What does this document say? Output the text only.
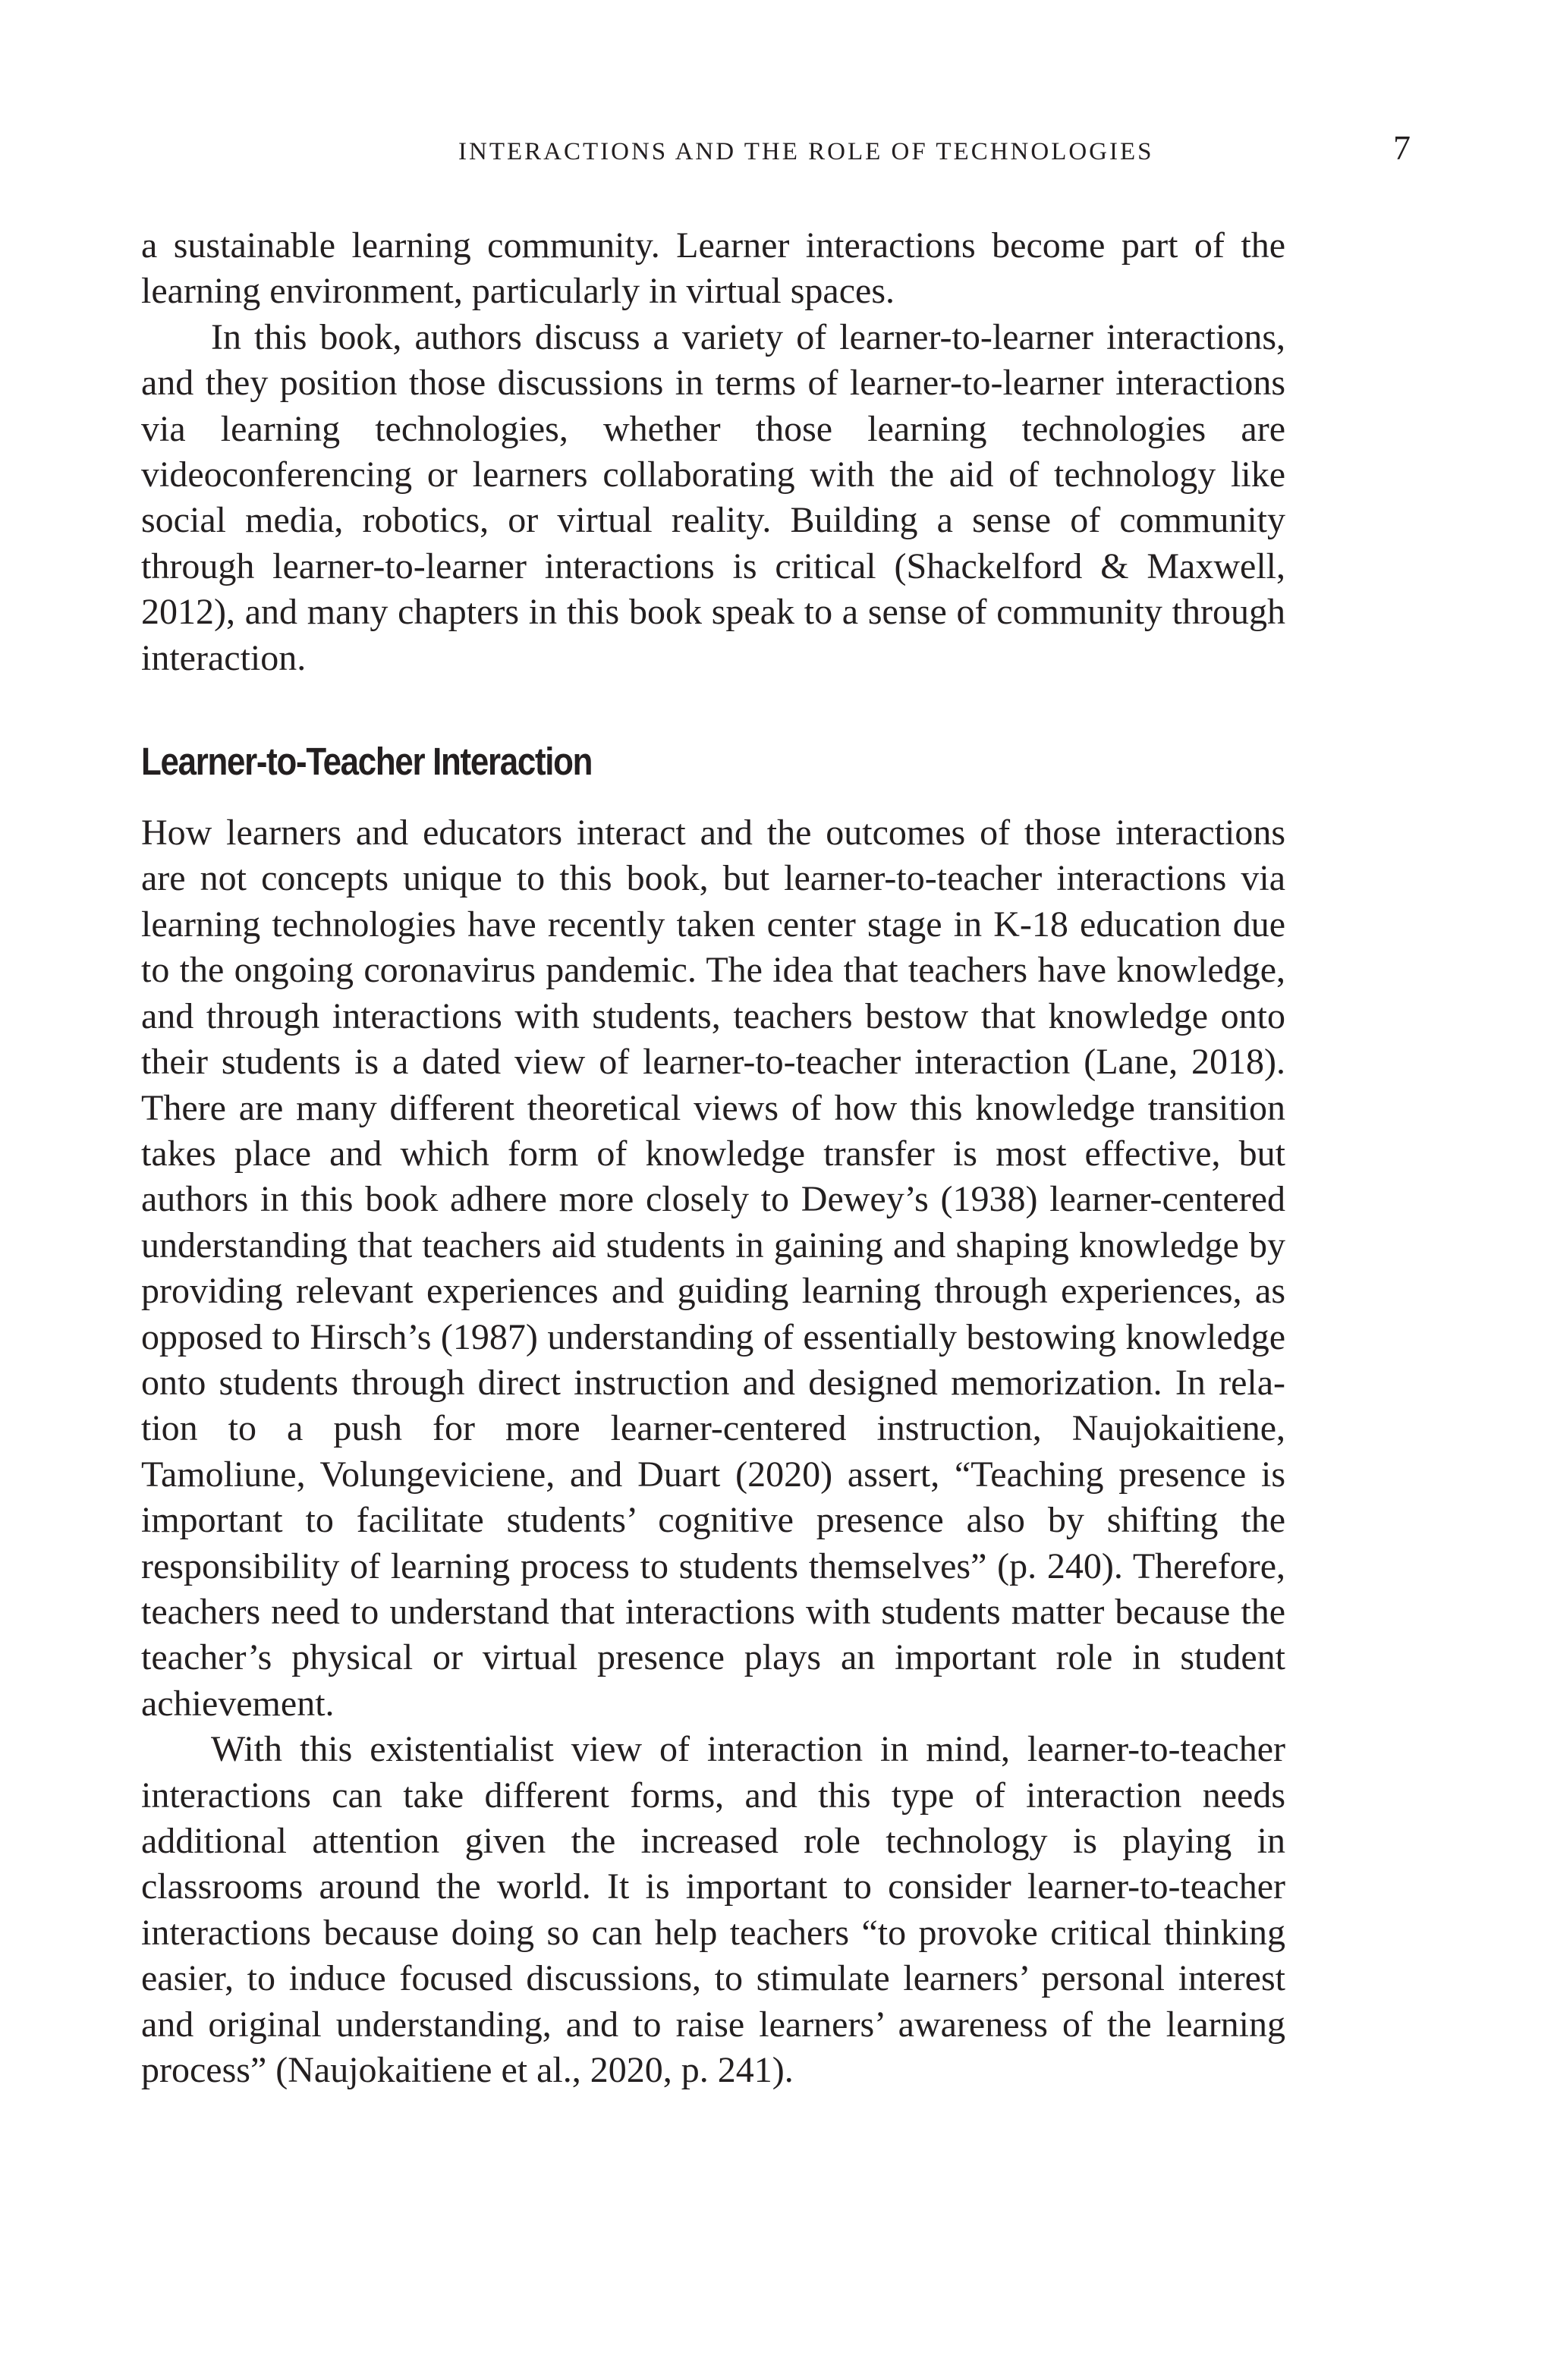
INTERACTIONS AND THE ROLE OF TECHNOLOGIES	7

a sustainable learning community. Learner interactions become part of the learning environment, particularly in virtual spaces.

In this book, authors discuss a variety of learner-to-learner interactions, and they position those discussions in terms of learner-to-learner interactions via learning technologies, whether those learning technologies are videoconferencing or learners collaborating with the aid of technology like social media, robotics, or virtual reality. Building a sense of community through learner-to-learner interactions is critical (Shackelford & Maxwell, 2012), and many chapters in this book speak to a sense of community through interaction.

Learner-to-Teacher Interaction

How learners and educators interact and the outcomes of those interactions are not concepts unique to this book, but learner-to-teacher interactions via learning technologies have recently taken center stage in K-18 education due to the ongoing coronavirus pandemic. The idea that teachers have knowledge, and through interactions with students, teachers bestow that knowledge onto their students is a dated view of learner-to-teacher interaction (Lane, 2018). There are many different theoretical views of how this knowledge transition takes place and which form of knowledge transfer is most effective, but authors in this book adhere more closely to Dewey’s (1938) learner-centered understanding that teachers aid students in gaining and shaping knowledge by providing relevant experiences and guiding learning through experiences, as opposed to Hirsch’s (1987) understanding of essentially bestowing knowledge onto students through direct instruction and designed memorization. In relation to a push for more learner-centered instruction, Naujokaitiene, Tamoliune, Volungeviciene, and Duart (2020) assert, “Teaching presence is important to facilitate students’ cognitive presence also by shifting the responsibility of learning process to students themselves” (p. 240). Therefore, teachers need to understand that interactions with students matter because the teacher’s physical or virtual presence plays an important role in student achievement.

With this existentialist view of interaction in mind, learner-to-teacher interactions can take different forms, and this type of interaction needs additional attention given the increased role technology is playing in classrooms around the world. It is important to consider learner-to-teacher interactions because doing so can help teachers “to provoke critical thinking easier, to induce focused discussions, to stimulate learners’ personal interest and original understanding, and to raise learners’ awareness of the learning process” (Naujokaitiene et al., 2020, p. 241).
